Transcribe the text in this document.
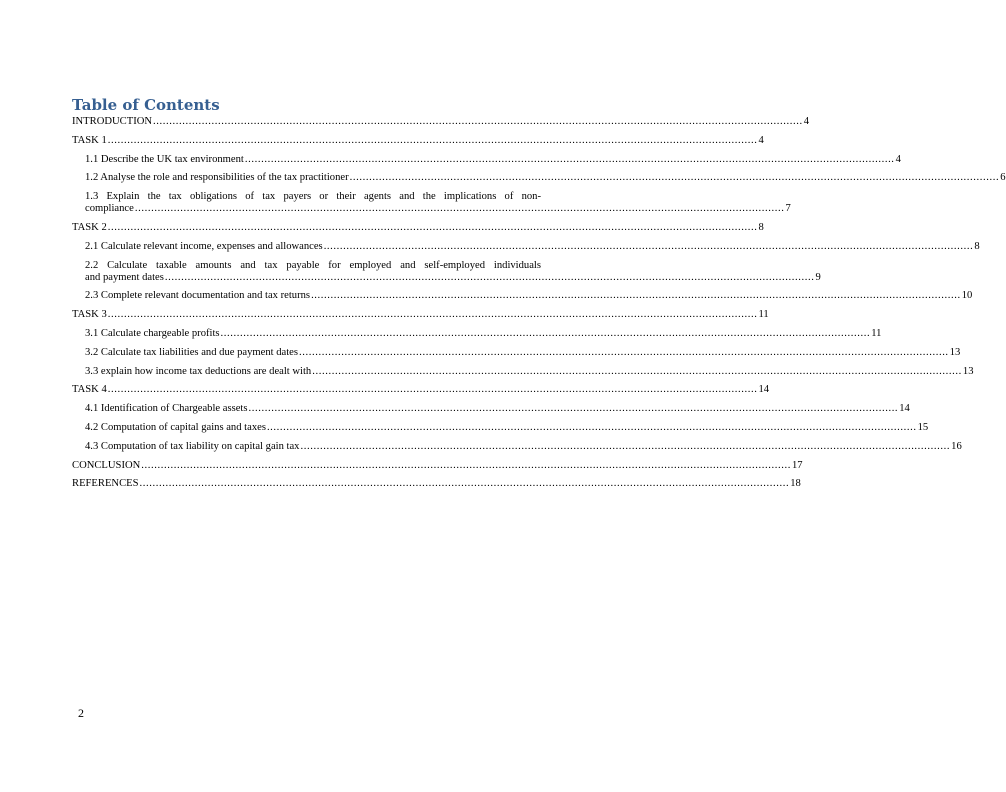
Table of Contents
INTRODUCTION ........................................................................................................................................................................................................ 4
TASK 1 ........................................................................................................................................................................................................ 4
1.1 Describe the UK tax environment ........................................................................................................................................................................................................ 4
1.2 Analyse the role and responsibilities of the tax practitioner ........................................................................................................................................................................................................ 6
1.3 Explain the tax obligations of tax payers or their agents and the implications of non-
compliance ........................................................................................................................................................................................................ 7
TASK 2 ........................................................................................................................................................................................................ 8
2.1 Calculate relevant income, expenses and allowances ........................................................................................................................................................................................................ 8
2.2 Calculate taxable amounts and tax payable for employed and self-employed individuals
and payment dates ........................................................................................................................................................................................................ 9
2.3 Complete relevant documentation and tax returns ........................................................................................................................................................................................................ 10
TASK 3 ........................................................................................................................................................................................................ 11
3.1 Calculate chargeable profits ........................................................................................................................................................................................................ 11
3.2 Calculate tax liabilities and due payment dates ........................................................................................................................................................................................................ 13
3.3 explain how income tax deductions are dealt with ........................................................................................................................................................................................................ 13
TASK 4 ........................................................................................................................................................................................................ 14
4.1 Identification of Chargeable assets ........................................................................................................................................................................................................ 14
4.2 Computation of capital gains and taxes ........................................................................................................................................................................................................ 15
4.3 Computation of tax liability on capital gain tax ........................................................................................................................................................................................................ 16
CONCLUSION ........................................................................................................................................................................................................ 17
REFERENCES ........................................................................................................................................................................................................ 18
2
